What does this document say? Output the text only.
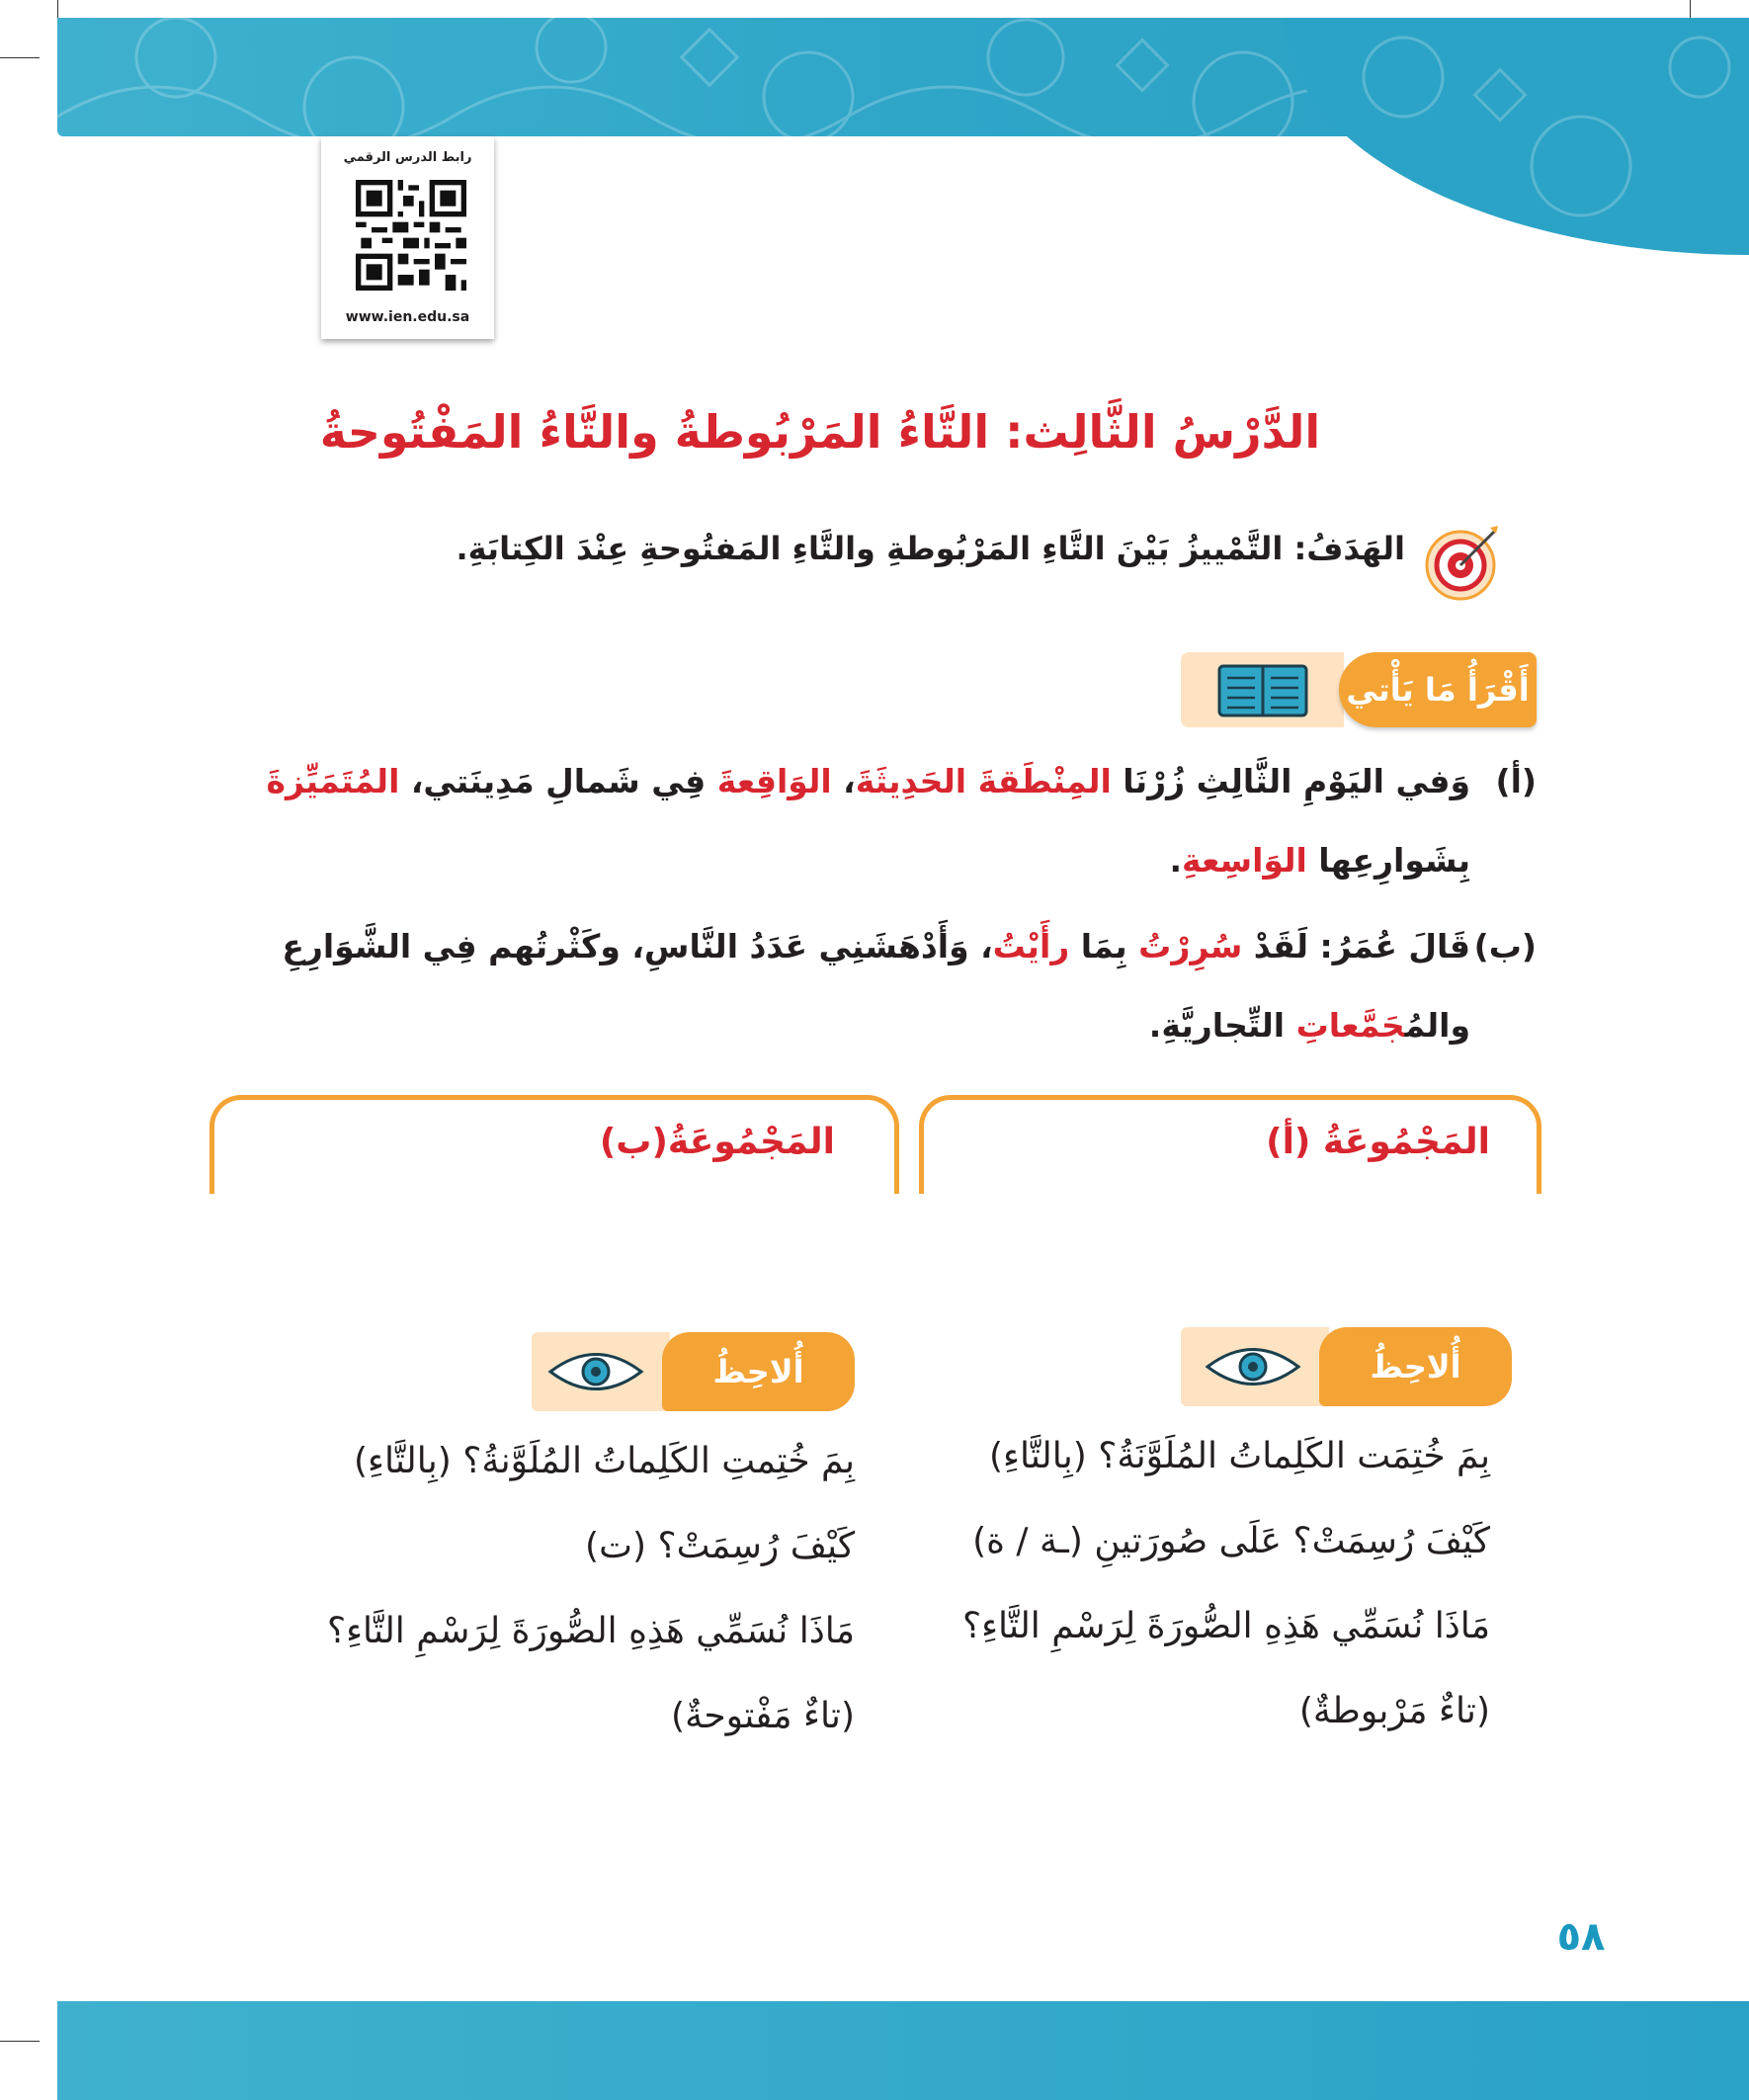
رابط الدرس الرقمي
www.ien.edu.sa
الدَّرْسُ الثَّالِث: التَّاءُ المَرْبُوطةُ والتَّاءُ المَفْتُوحةُ
الهَدَفُ: التَّمْييزُ بَيْنَ التَّاءِ المَرْبُوطةِ والتَّاءِ المَفتُوحةِ عِنْدَ الكِتابَةِ.
أَقْرَأُ مَا يَأْتي
(أ)
وَفي اليَوْمِ الثَّالِثِ زُرْنَا المِنْطَقةَ الحَدِيثَةَ، الوَاقِعةَ فِي شَمالِ مَدِينَتي، المُتَمَيِّزةَ
بِشَوارِعِها الوَاسِعةِ.
(ب)
قَالَ عُمَرُ: لَقَدْ سُرِرْتُ بِمَا رأَيْتُ، وَأَدْهَشَنِي عَدَدُ النَّاسِ، وكَثْرتُهم فِي الشَّوَارِعِ
والمُجَمَّعاتِ التِّجاريَّةِ.
المَجْمُوعَةُ (أ)
المَجْمُوعَةُ(ب)
أُلاحِظُ
بِمَ خُتِمَت الكَلِماتُ المُلَوَّنَةُ؟ (بِالتَّاءِ)
كَيْفَ رُسِمَتْ؟ عَلَى صُورَتينِ (ـة / ة)
مَاذَا نُسَمِّي هَذِهِ الصُّورَةَ لِرَسْمِ التَّاءِ؟
(تاءٌ مَرْبوطةٌ)
أُلاحِظُ
بِمَ خُتِمتِ الكَلِماتُ المُلَوَّنةُ؟ (بِالتَّاءِ)
كَيْفَ رُسِمَتْ؟ (ت)
مَاذَا نُسَمِّي هَذِهِ الصُّورَةَ لِرَسْمِ التَّاءِ؟
(تاءٌ مَفْتوحةٌ)
٥٨
